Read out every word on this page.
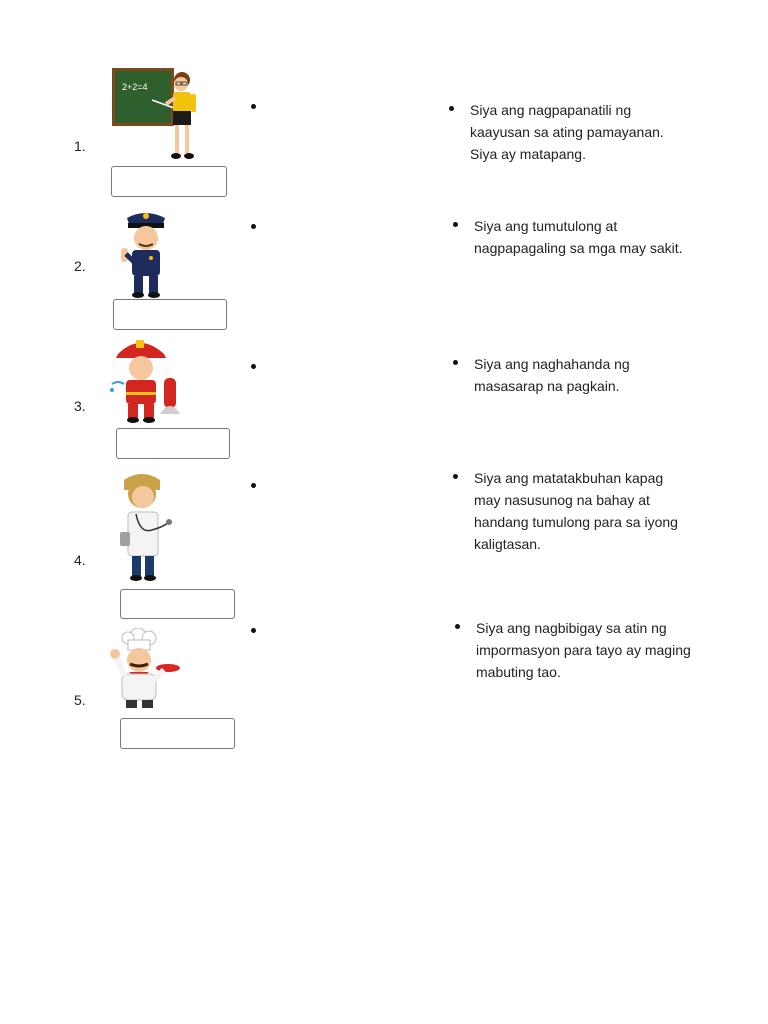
1.
2+2=4
Siya ang nagpapanatili ng kaayusan sa ating pamayanan. Siya ay matapang.
2.
Siya ang tumutulong at nagpapagaling sa mga may sakit.
3.
Siya ang naghahanda ng masasarap na pagkain.
4.
Siya ang matatakbuhan kapag may nasusunog na bahay at handang tumulong para sa iyong kaligtasan.
5.
Siya ang nagbibigay sa atin ng impormasyon para tayo ay maging mabuting tao.
